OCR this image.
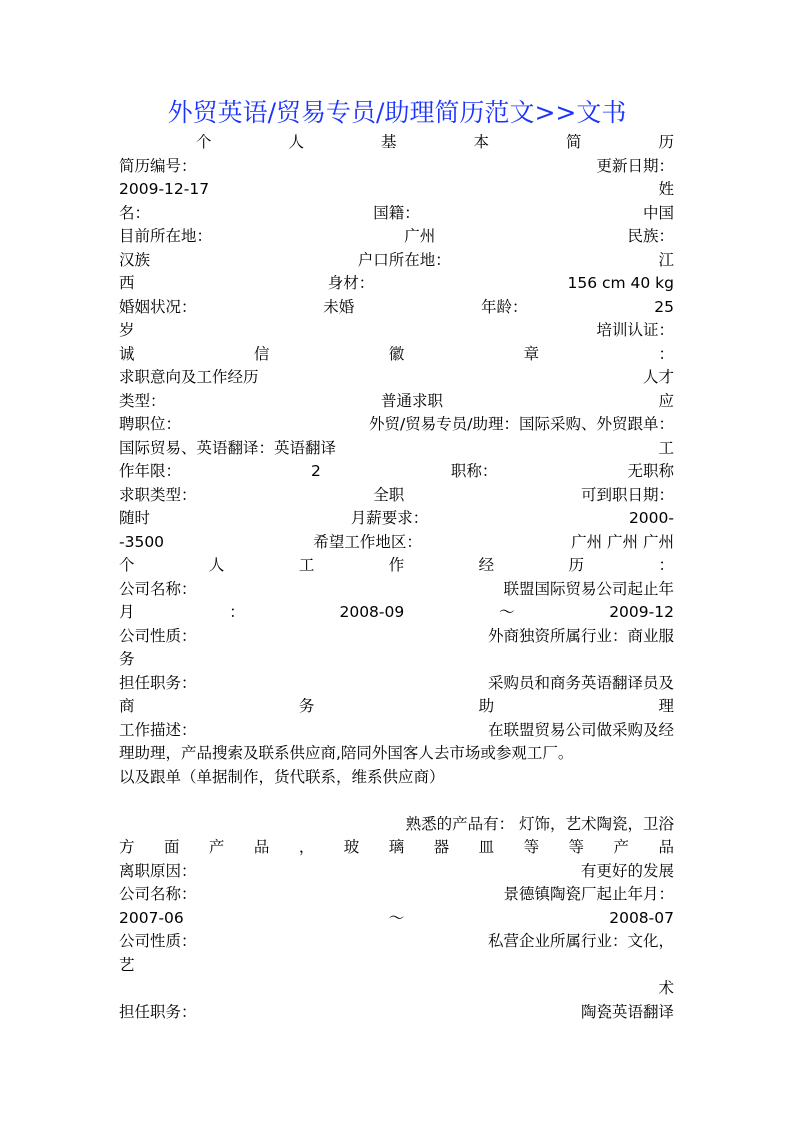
外贸英语/贸易专员/助理简历范文>>文书
个	人	基	本	简	历
简历编号：	更新日期：
2009-12-17	姓
名：	国籍：	中国
目前所在地：	广州	民族：
汉族	户口所在地：	江
西	身材：	156 cm 40 kg
婚姻状况：	未婚	年龄：	25
岁	培训认证：
诚	信	徽	章	：
求职意向及工作经历	人才
类型：	普通求职	应
聘职位：	外贸/贸易专员/助理：国际采购、外贸跟单：
国际贸易、英语翻译：英语翻译	工
作年限：	2	职称：	无职称
求职类型：	全职	可到职日期：
随时	月薪要求：	2000-
-3500	希望工作地区：	广州 广州 广州
个	人	工	作	经	历	：
公司名称：	联盟国际贸易公司起止年
月	：	2008-09	～	2009-12
公司性质：	外商独资所属行业：商业服
务
担任职务：	采购员和商务英语翻译员及
商	务	助	理
工作描述：	在联盟贸易公司做采购及经
理助理，产品搜索及联系供应商,陪同外国客人去市场或参观工厂。
以及跟单（单据制作，货代联系，维系供应商）
熟悉的产品有： 灯饰，艺术陶瓷，卫浴
方 面 产 品 ， 玻 璃 器 皿 等 等 产 品
离职原因：	有更好的发展
公司名称：	景德镇陶瓷厂起止年月：
2007-06	～	2008-07
公司性质：	私营企业所属行业：文化，
艺
术
担任职务：	陶瓷英语翻译
